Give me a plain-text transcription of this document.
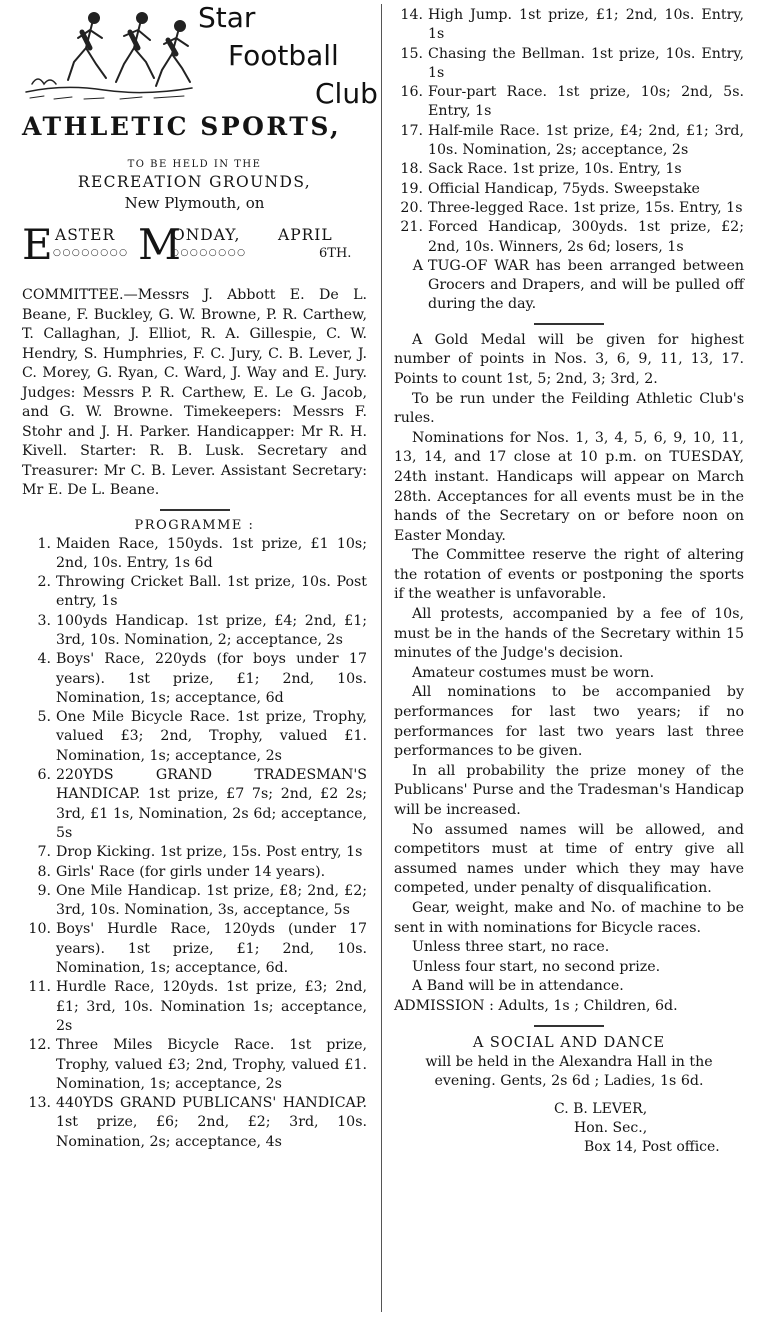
Star
Football
Club
ATHLETIC SPORTS,
TO BE HELD IN THE
RECREATION GROUNDS,
New Plymouth, on
E ASTER
○○○○○○○○ M
ONDAY,
○○○○○○○○
APRIL
6TH.

COMMITTEE.—Messrs J. Abbott E. De L. Beane, F. Buckley, G. W. Browne, P. R. Carthew, T. Callaghan, J. Elliot, R. A. Gillespie, C. W. Hendry, S. Humphries, F. C. Jury, C. B. Lever, J. C. Morey, G. Ryan, C. Ward, J. Way and E. Jury. Judges: Messrs P. R. Carthew, E. Le G. Jacob, and G. W. Browne. Timekeepers: Messrs F. Stohr and J. H. Parker. Handicapper: Mr R. H. Kivell. Starter: R. B. Lusk. Secretary and Treasurer: Mr C. B. Lever. Assistant Secretary: Mr E. De L. Beane.

PROGRAMME :
1. Maiden Race, 150yds. 1st prize, £1 10s; 2nd, 10s. Entry, 1s 6d
2. Throwing Cricket Ball. 1st prize, 10s. Post entry, 1s
3. 100yds Handicap. 1st prize, £4; 2nd, £1; 3rd, 10s. Nomination, 2; acceptance, 2s
4. Boys' Race, 220yds (for boys under 17 years). 1st prize, £1; 2nd, 10s. Nomination, 1s; acceptance, 6d
5. One Mile Bicycle Race. 1st prize, Trophy, valued £3; 2nd, Trophy, valued £1. Nomination, 1s; acceptance, 2s
6. 220YDS GRAND TRADESMAN'S HANDICAP. 1st prize, £7 7s; 2nd, £2 2s; 3rd, £1 1s, Nomination, 2s 6d; acceptance, 5s
7. Drop Kicking. 1st prize, 15s. Post entry, 1s
8. Girls' Race (for girls under 14 years).
9. One Mile Handicap. 1st prize, £8; 2nd, £2; 3rd, 10s. Nomination, 3s, acceptance, 5s
10. Boys' Hurdle Race, 120yds (under 17 years). 1st prize, £1; 2nd, 10s. Nomination, 1s; acceptance, 6d.
11. Hurdle Race, 120yds. 1st prize, £3; 2nd, £1; 3rd, 10s. Nomination 1s; acceptance, 2s
12. Three Miles Bicycle Race. 1st prize, Trophy, valued £3; 2nd, Trophy, valued £1. Nomination, 1s; acceptance, 2s
13. 440YDS GRAND PUBLICANS' HANDICAP. 1st prize, £6; 2nd, £2; 3rd, 10s. Nomination, 2s; acceptance, 4s
14. High Jump. 1st prize, £1; 2nd, 10s. Entry, 1s
15. Chasing the Bellman. 1st prize, 10s. Entry, 1s
16. Four-part Race. 1st prize, 10s; 2nd, 5s. Entry, 1s
17. Half-mile Race. 1st prize, £4; 2nd, £1; 3rd, 10s. Nomination, 2s; acceptance, 2s
18. Sack Race. 1st prize, 10s. Entry, 1s
19. Official Handicap, 75yds. Sweepstake
20. Three-legged Race. 1st prize, 15s. Entry, 1s
21. Forced Handicap, 300yds. 1st prize, £2; 2nd, 10s. Winners, 2s 6d; losers, 1s
A TUG-OF WAR has been arranged between Grocers and Drapers, and will be pulled off during the day.

A Gold Medal will be given for highest number of points in Nos. 3, 6, 9, 11, 13, 17. Points to count 1st, 5; 2nd, 3; 3rd, 2.

To be run under the Feilding Athletic Club's rules.

Nominations for Nos. 1, 3, 4, 5, 6, 9, 10, 11, 13, 14, and 17 close at 10 p.m. on TUESDAY, 24th instant. Handicaps will appear on March 28th. Acceptances for all events must be in the hands of the Secretary on or before noon on Easter Monday.

The Committee reserve the right of altering the rotation of events or postponing the sports if the weather is unfavorable.

All protests, accompanied by a fee of 10s, must be in the hands of the Secretary within 15 minutes of the Judge's decision.

Amateur costumes must be worn.

All nominations to be accompanied by performances for last two years; if no performances for last two years last three performances to be given.

In all probability the prize money of the Publicans' Purse and the Tradesman's Handicap will be increased.

No assumed names will be allowed, and competitors must at time of entry give all assumed names under which they may have competed, under penalty of disqualification.

Gear, weight, make and No. of machine to be sent in with nominations for Bicycle races.

Unless three start, no race.

Unless four start, no second prize.

A Band will be in attendance.

ADMISSION : Adults, 1s ; Children, 6d.

A SOCIAL AND DANCE

will be held in the Alexandra Hall in the evening. Gents, 2s 6d ; Ladies, 1s 6d.

C. B. LEVER,
Hon. Sec.,
Box 14, Post office.
